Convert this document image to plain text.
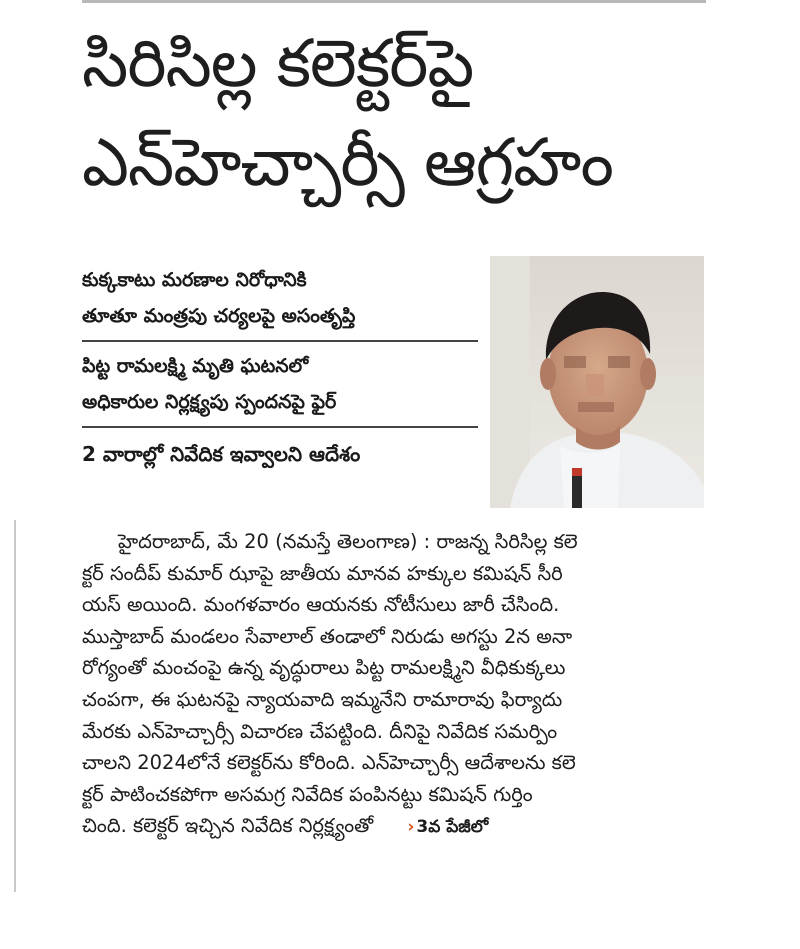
సిరిసిల్ల కలెక్టర్‌పై
ఎన్‌హెచ్చార్సీ ఆగ్రహం
కుక్కకాటు మరణాల నిరోధానికి
తూతూ మంత్రపు చర్యలపై అసంతృప్తి
పిట్ట రామలక్ష్మి మృతి ఘటనలో
అధికారుల నిర్లక్ష్యపు స్పందనపై ఫైర్
2 వారాల్లో నివేదిక ఇవ్వాలని ఆదేశం
హైదరాబాద్‌, మే 20 (నమస్తే తెలంగాణ) : రాజన్న సిరిసిల్ల కలె
క్టర్‌ సందీప్‌ కుమార్‌ ఝాపై జాతీయ మానవ హక్కుల కమిషన్‌ సీరి
యస్‌ అయింది. మంగళవారం ఆయనకు నోటీసులు జారీ చేసింది.
ముస్తాబాద్‌ మండలం సేవాలాల్‌ తండాలో నిరుడు అగస్టు 2న అనా
రోగ్యంతో మంచంపై ఉన్న వృద్ధురాలు పిట్ట రామలక్ష్మిని వీధికుక్కలు
చంపగా, ఈ ఘటనపై న్యాయవాది ఇమ్మనేని రామారావు ఫిర్యాదు
మేరకు ఎన్‌హెచ్చార్సీ విచారణ చేపట్టింది. దీనిపై నివేదిక సమర్పిం
చాలని 2024లోనే కలెక్టర్‌ను కోరింది. ఎన్‌హెచ్చార్సీ ఆదేశాలను కలె
క్టర్‌ పాటించకపోగా అసమగ్ర నివేదిక పంపినట్టు కమిషన్‌ గుర్తిం
చింది. కలెక్టర్‌ ఇచ్చిన నివేదిక నిర్లక్ష్యంతో › 3వ పేజీలో
